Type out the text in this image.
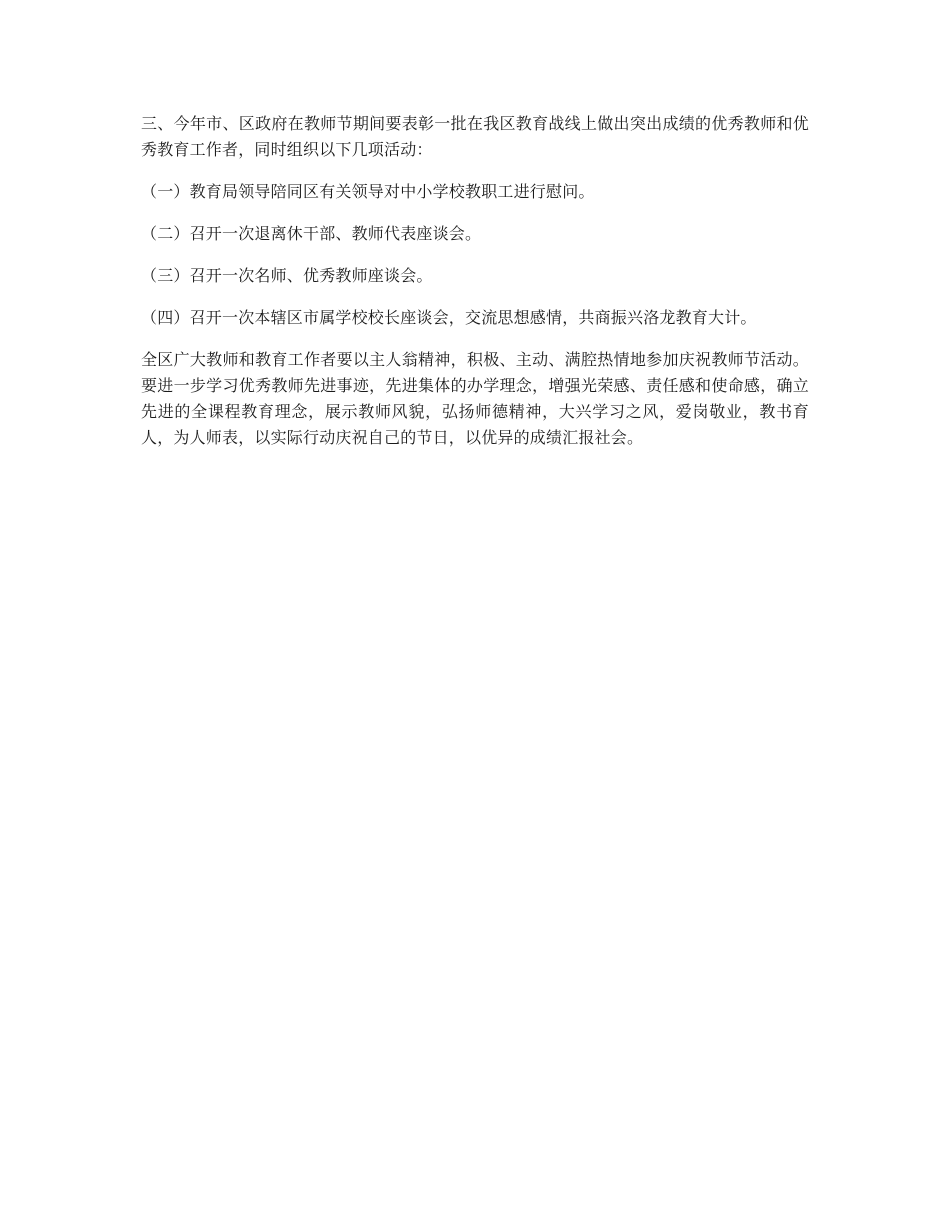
三、今年市、区政府在教师节期间要表彰一批在我区教育战线上做出突出成绩的优秀教师和优秀教育工作者，同时组织以下几项活动：

（一）教育局领导陪同区有关领导对中小学校教职工进行慰问。

（二）召开一次退离休干部、教师代表座谈会。

（三）召开一次名师、优秀教师座谈会。

（四）召开一次本辖区市属学校校长座谈会，交流思想感情，共商振兴洛龙教育大计。

全区广大教师和教育工作者要以主人翁精神，积极、主动、满腔热情地参加庆祝教师节活动。要进一步学习优秀教师先进事迹，先进集体的办学理念，增强光荣感、责任感和使命感，确立先进的全课程教育理念，展示教师风貌，弘扬师德精神，大兴学习之风，爱岗敬业，教书育人，为人师表，以实际行动庆祝自己的节日，以优异的成绩汇报社会。
